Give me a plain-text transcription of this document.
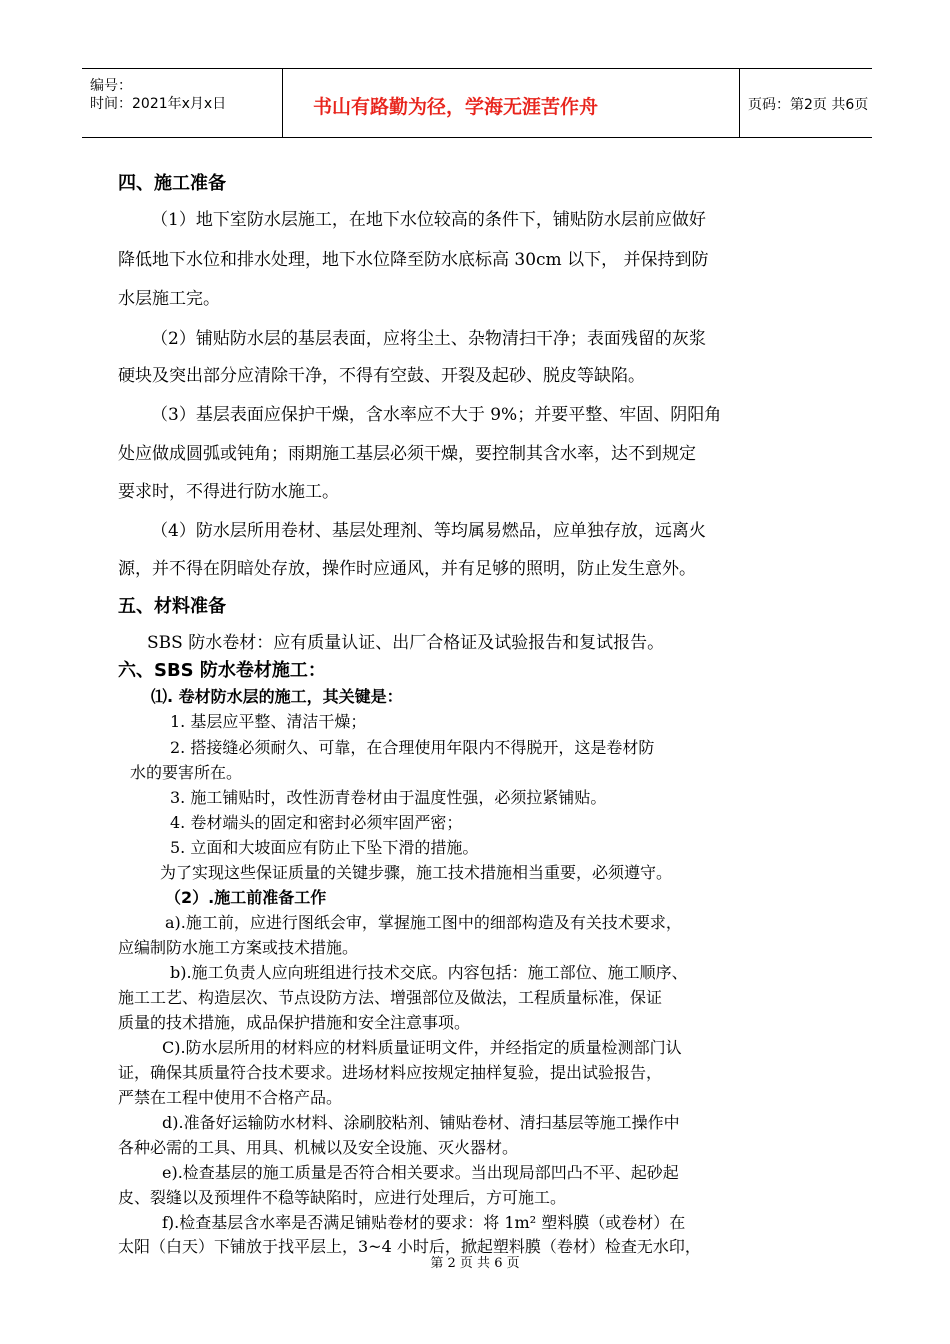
编号：
时间：2021年x月x日	书山有路勤为径，学海无涯苦作舟	页码：第2页 共6页
四、施工准备
（1）地下室防水层施工，在地下水位较高的条件下，铺贴防水层前应做好
降低地下水位和排水处理，地下水位降至防水底标高 30cm 以下， 并保持到防
水层施工完。
（2）铺贴防水层的基层表面，应将尘土、杂物清扫干净；表面残留的灰浆
硬块及突出部分应清除干净，不得有空鼓、开裂及起砂、脱皮等缺陷。
（3）基层表面应保护干燥，含水率应不大于 9%；并要平整、牢固、阴阳角
处应做成圆弧或钝角；雨期施工基层必须干燥，要控制其含水率，达不到规定
要求时，不得进行防水施工。
（4）防水层所用卷材、基层处理剂、等均属易燃品，应单独存放，远离火
源，并不得在阴暗处存放，操作时应通风，并有足够的照明，防止发生意外。
五、材料准备
SBS 防水卷材：应有质量认证、出厂合格证及试验报告和复试报告。
六、SBS 防水卷材施工：
⑴. 卷材防水层的施工，其关键是：
1. 基层应平整、清洁干燥；
2. 搭接缝必须耐久、可靠，在合理使用年限内不得脱开，这是卷材防
水的要害所在。
3. 施工铺贴时，改性沥青卷材由于温度性强，必须拉紧铺贴。
4. 卷材端头的固定和密封必须牢固严密；
5. 立面和大坡面应有防止下坠下滑的措施。
为了实现这些保证质量的关键步骤，施工技术措施相当重要，必须遵守。
（2）.施工前准备工作
a).施工前，应进行图纸会审，掌握施工图中的细部构造及有关技术要求，
应编制防水施工方案或技术措施。
b).施工负责人应向班组进行技术交底。内容包括：施工部位、施工顺序、
施工工艺、构造层次、节点设防方法、增强部位及做法，工程质量标准，保证
质量的技术措施，成品保护措施和安全注意事项。
C).防水层所用的材料应的材料质量证明文件，并经指定的质量检测部门认
证，确保其质量符合技术要求。进场材料应按规定抽样复验，提出试验报告，
严禁在工程中使用不合格产品。
d).准备好运输防水材料、涂刷胶粘剂、铺贴卷材、清扫基层等施工操作中
各种必需的工具、用具、机械以及安全设施、灭火器材。
e).检查基层的施工质量是否符合相关要求。当出现局部凹凸不平、起砂起
皮、裂缝以及预埋件不稳等缺陷时，应进行处理后，方可施工。
f).检查基层含水率是否满足铺贴卷材的要求：将 1m² 塑料膜（或卷材）在
太阳（白天）下铺放于找平层上，3~4 小时后，掀起塑料膜（卷材）检查无水印，
第 2 页 共 6 页
